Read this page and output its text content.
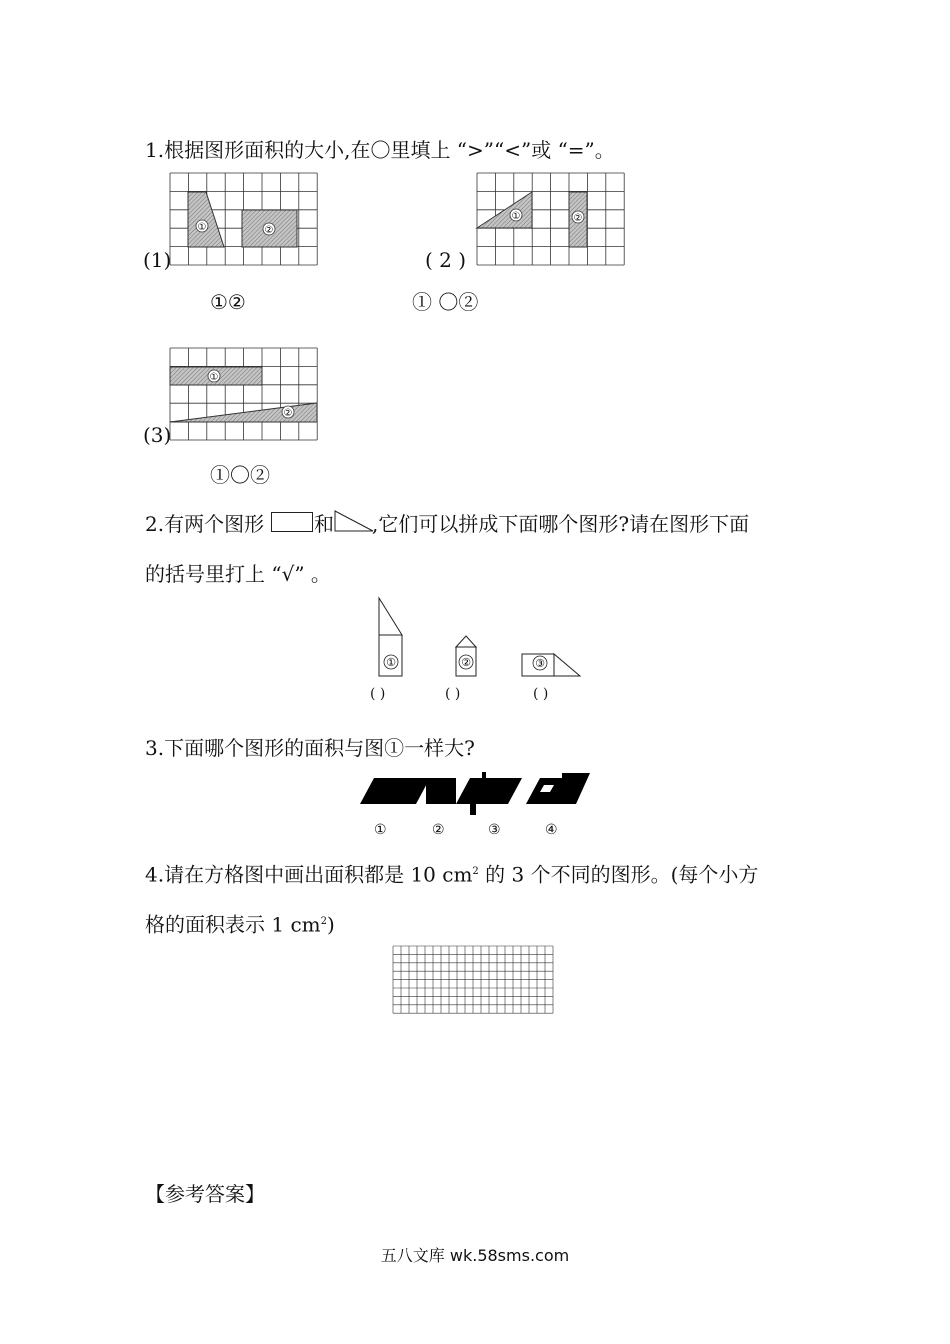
1.根据图形面积的大小,在〇里填上 “>”“<”或 “=”。
(1)
①	②
①②
( 2 )
①	②
① 〇②
(3)
①
②
①〇②
2.有两个图形 和 ,它们可以拼成下面哪个图形?请在图形下面
的括号里打上 “√” 。
①	②	③
( )	( )	( )
3.下面哪个图形的面积与图①一样大?
①	②	③	④
4.请在方格图中画出面积都是 10 $cm^2$ 的 3 个不同的图形。(每个小方
格的面积表示 1 $cm^2$)
【参考答案】
五八文库 wk.58sms.com
